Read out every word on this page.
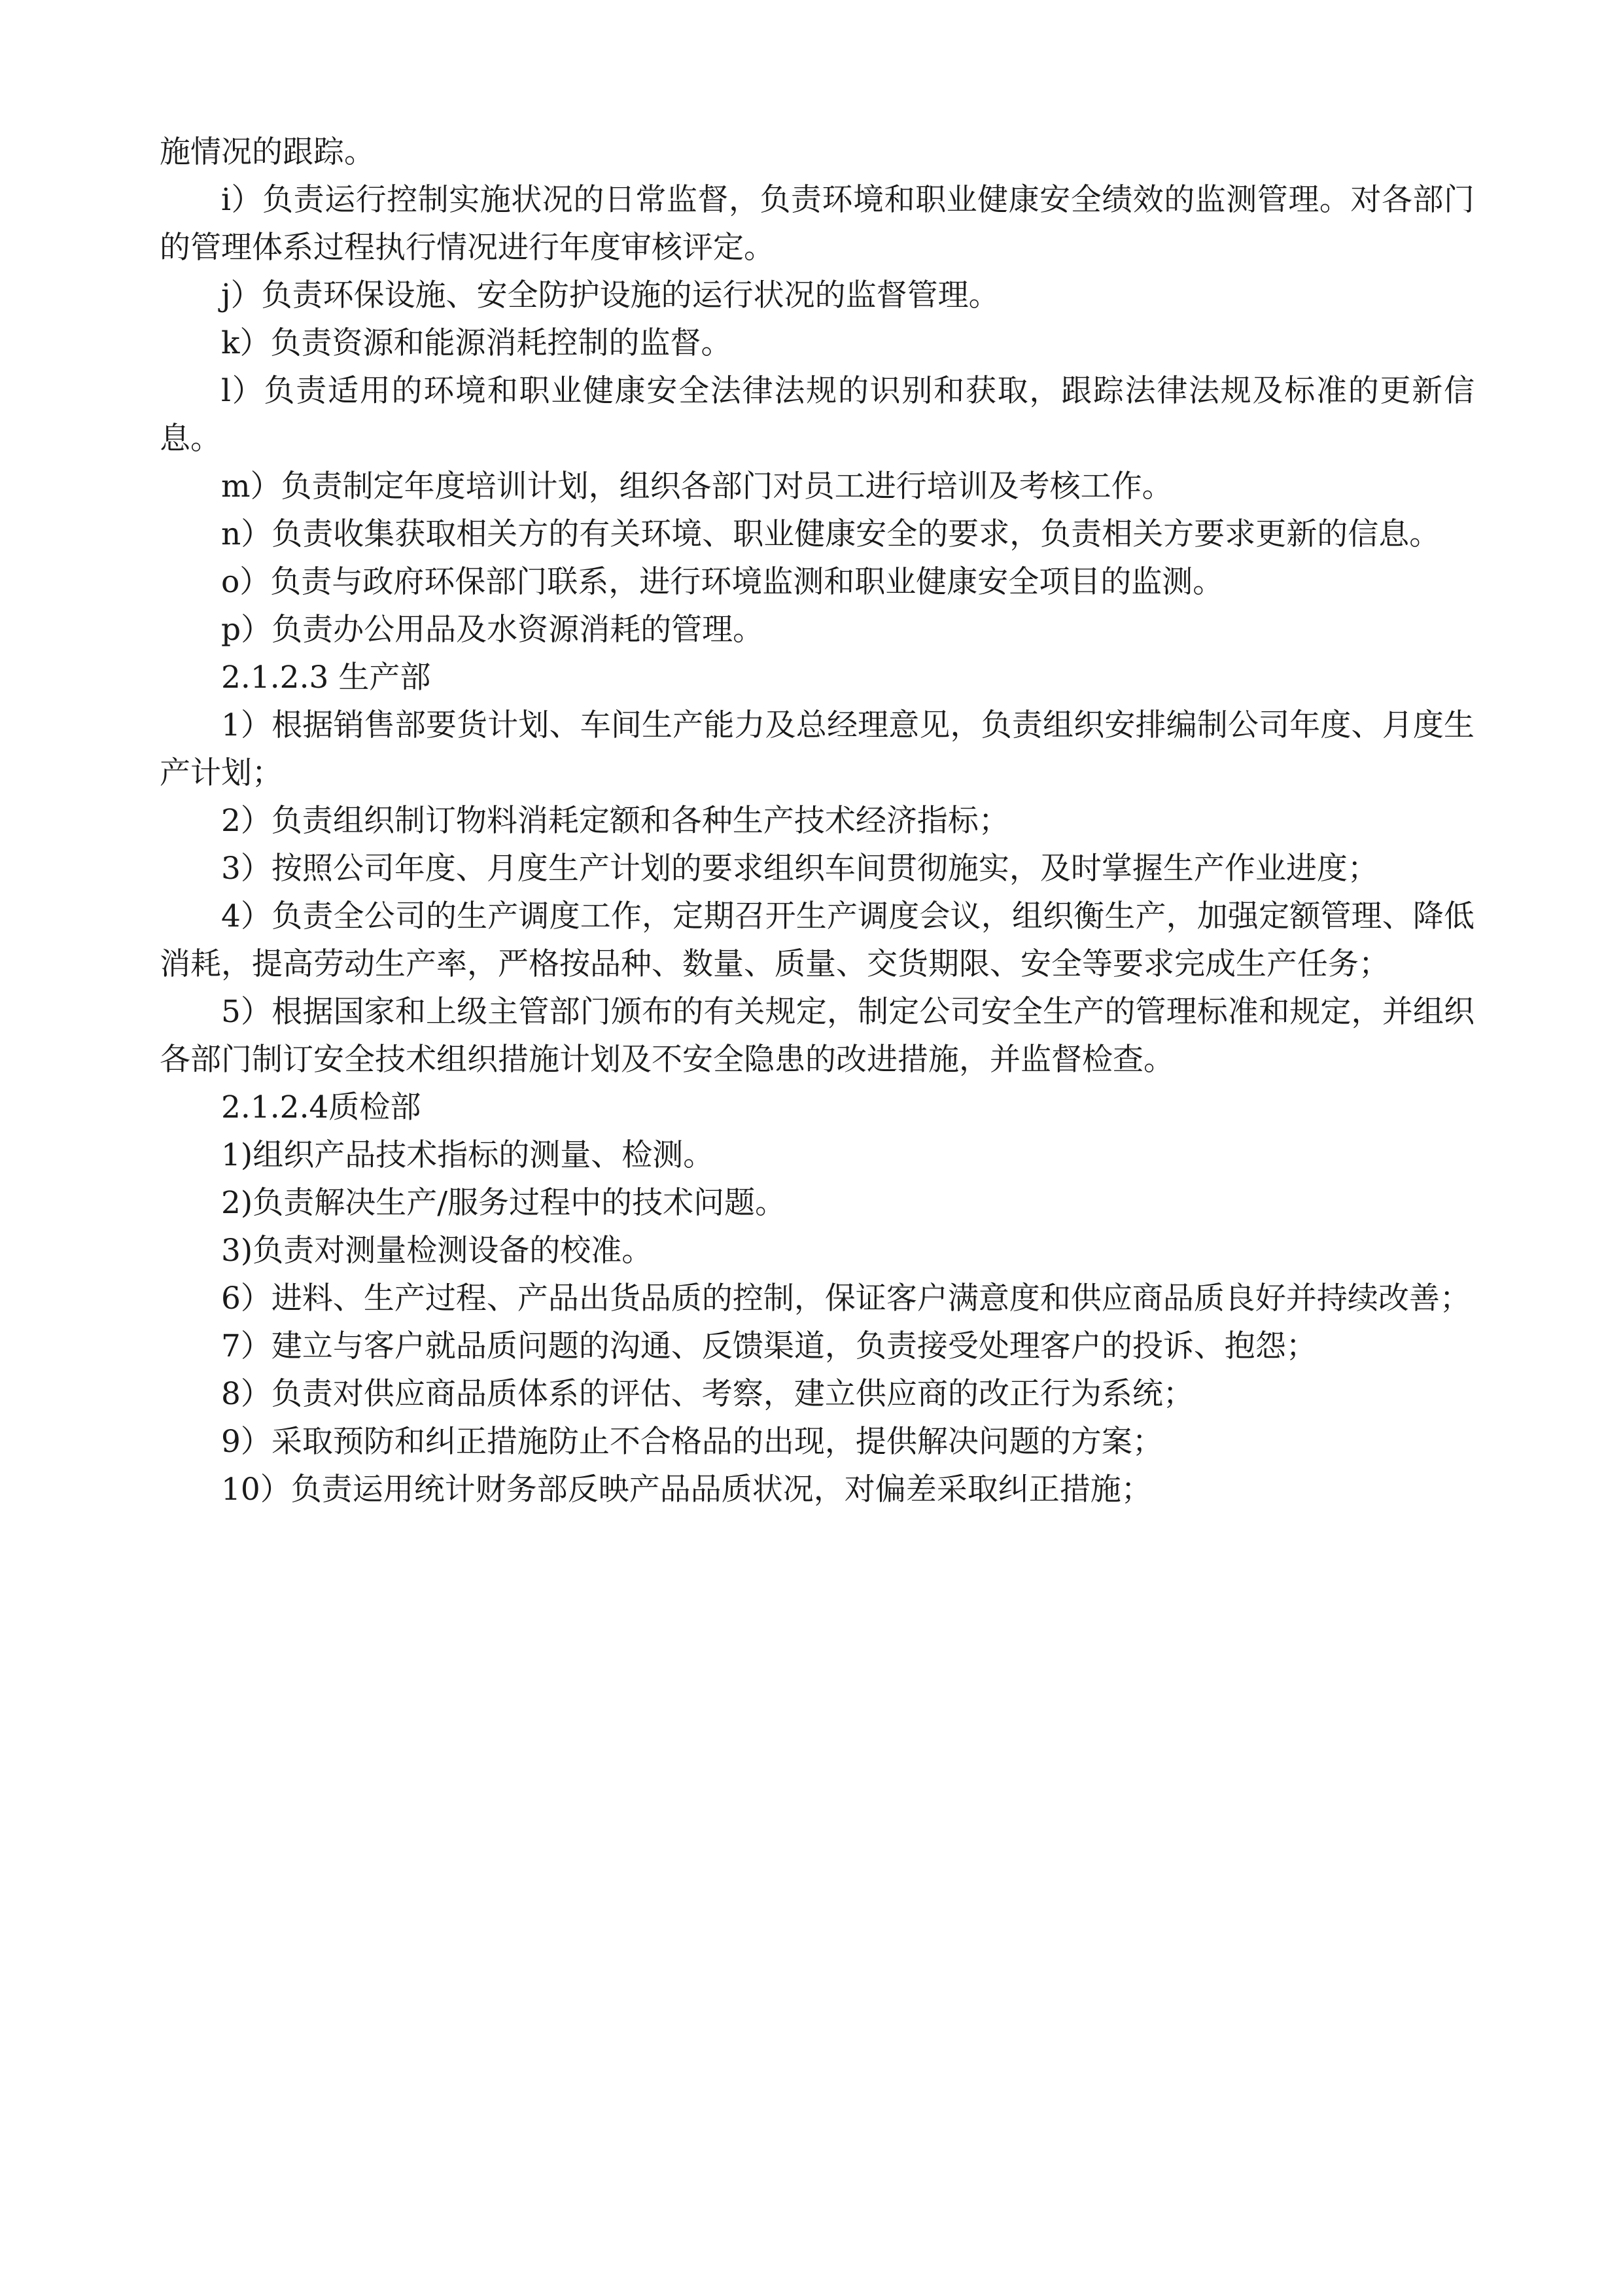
施情况的跟踪。

i）负责运行控制实施状况的日常监督，负责环境和职业健康安全绩效的监测管理。对各部门的管理体系过程执行情况进行年度审核评定。

j）负责环保设施、安全防护设施的运行状况的监督管理。

k）负责资源和能源消耗控制的监督。

l）负责适用的环境和职业健康安全法律法规的识别和获取，跟踪法律法规及标准的更新信息。

m）负责制定年度培训计划，组织各部门对员工进行培训及考核工作。

n）负责收集获取相关方的有关环境、职业健康安全的要求，负责相关方要求更新的信息。

o）负责与政府环保部门联系，进行环境监测和职业健康安全项目的监测。

p）负责办公用品及水资源消耗的管理。

2.1.2.3 生产部

1）根据销售部要货计划、车间生产能力及总经理意见，负责组织安排编制公司年度、月度生产计划；

2）负责组织制订物料消耗定额和各种生产技术经济指标；

3）按照公司年度、月度生产计划的要求组织车间贯彻施实，及时掌握生产作业进度；

4）负责全公司的生产调度工作，定期召开生产调度会议，组织衡生产，加强定额管理、降低消耗，提高劳动生产率，严格按品种、数量、质量、交货期限、安全等要求完成生产任务；

5）根据国家和上级主管部门颁布的有关规定，制定公司安全生产的管理标准和规定，并组织各部门制订安全技术组织措施计划及不安全隐患的改进措施，并监督检查。

2.1.2.4质检部

1)组织产品技术指标的测量、检测。

2)负责解决生产/服务过程中的技术问题。

3)负责对测量检测设备的校准。

6）进料、生产过程、产品出货品质的控制，保证客户满意度和供应商品质良好并持续改善；

7）建立与客户就品质问题的沟通、反馈渠道，负责接受处理客户的投诉、抱怨；

8）负责对供应商品质体系的评估、考察，建立供应商的改正行为系统；

9）采取预防和纠正措施防止不合格品的出现，提供解决问题的方案；

10）负责运用统计财务部反映产品品质状况，对偏差采取纠正措施；
